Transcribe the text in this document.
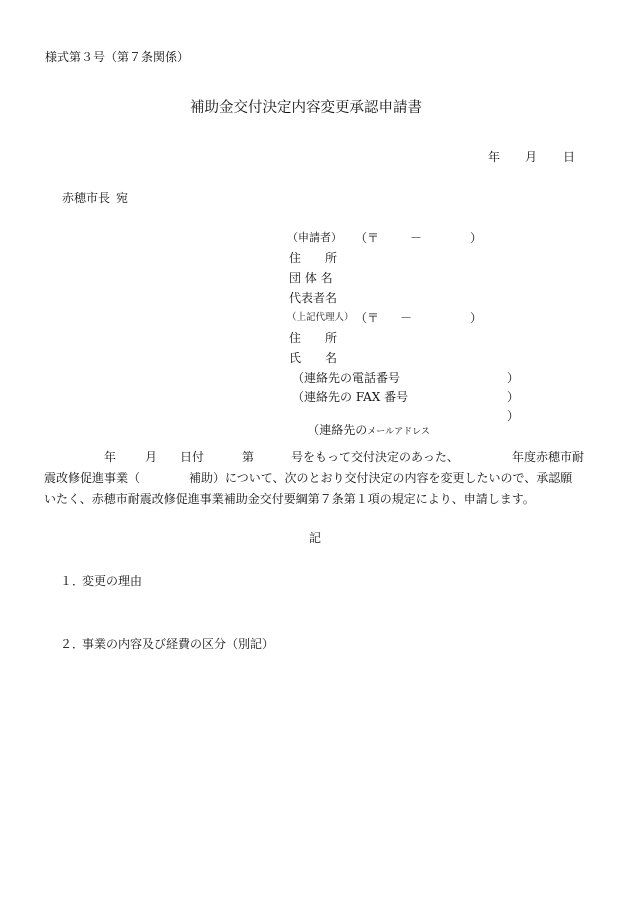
様式第３号（第７条関係）
補助金交付決定内容変更承認申請書
年 月 日
赤穂市長 宛
（申請者） （〒	－	）
住　　所
団 体 名
代表者名
（上記代理人） （〒 －	）
住　　所
氏　　名
（連絡先の電話番号	）
（連絡先の FAX 番号	）

（連絡先のメールアドレス

）
年 月 日付	第	号をもって交付決定のあった、	年度赤穂市耐
震改修促進事業（	補助）について、次のとおり交付決定の内容を変更したいので、承認願
いたく、赤穂市耐震改修促進事業補助金交付要綱第７条第１項の規定により、申請します。
記
１．
変更の理由
２．
事業の内容及び経費の区分（別記）
